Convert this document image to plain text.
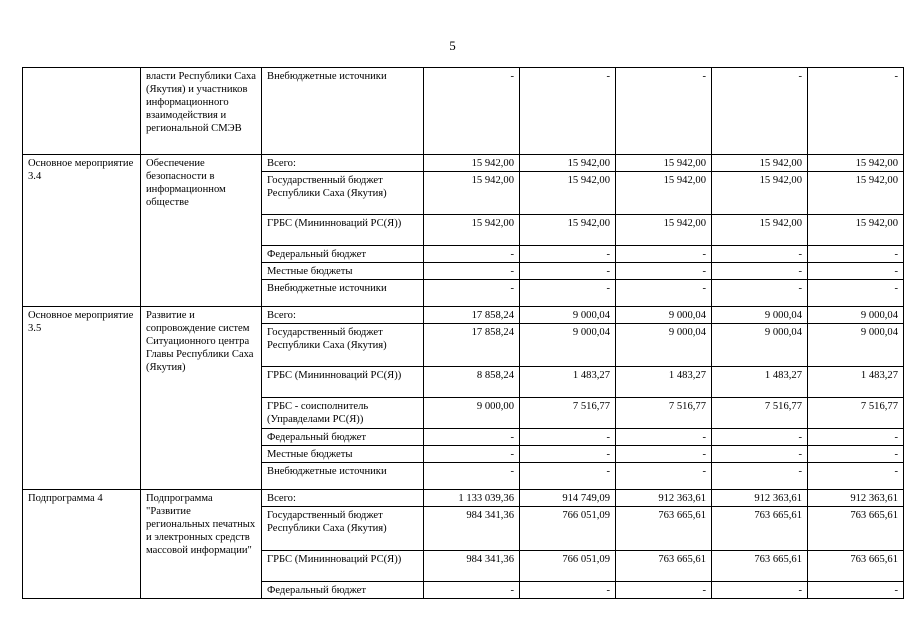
5
	власти Республики Саха (Якутия) и участников информационного взаимодействия и региональной СМЭВ	Внебюджетные источники	-	-	-	-	-
Основное мероприятие 3.4	Обеспечение безопасности в информационном обществе	Всего:	15 942,00	15 942,00	15 942,00	15 942,00	15 942,00
		Государственный бюджет Республики Саха (Якутия)	15 942,00	15 942,00	15 942,00	15 942,00	15 942,00
		ГРБС (Мининноваций РС(Я))	15 942,00	15 942,00	15 942,00	15 942,00	15 942,00
		Федеральный бюджет	-	-	-	-	-
		Местные бюджеты	-	-	-	-	-
		Внебюджетные источники	-	-	-	-	-
Основное мероприятие 3.5	Развитие и сопровождение систем Ситуационного центра Главы Республики Саха (Якутия)	Всего:	17 858,24	9 000,04	9 000,04	9 000,04	9 000,04
		Государственный бюджет Республики Саха (Якутия)	17 858,24	9 000,04	9 000,04	9 000,04	9 000,04
		ГРБС (Мининноваций РС(Я))	8 858,24	1 483,27	1 483,27	1 483,27	1 483,27
		ГРБС - соисполнитель (Управделами РС(Я))	9 000,00	7 516,77	7 516,77	7 516,77	7 516,77
		Федеральный бюджет	-	-	-	-	-
		Местные бюджеты	-	-	-	-	-
		Внебюджетные источники	-	-	-	-	-
Подпрограмма 4	Подпрограмма "Развитие региональных печатных и электронных средств массовой информации"	Всего:	1 133 039,36	914 749,09	912 363,61	912 363,61	912 363,61
		Государственный бюджет Республики Саха (Якутия)	984 341,36	766 051,09	763 665,61	763 665,61	763 665,61
		ГРБС (Мининноваций РС(Я))	984 341,36	766 051,09	763 665,61	763 665,61	763 665,61
		Федеральный бюджет	-	-	-	-	-
